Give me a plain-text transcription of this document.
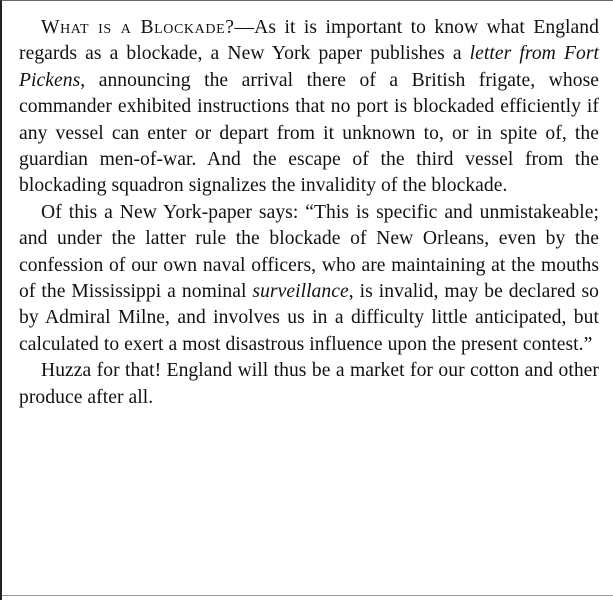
What is a Blockade?—As it is important to know what England regards as a blockade, a New York paper publishes a letter from Fort Pickens, announcing the arrival there of a British frigate, whose commander exhibited instructions that no port is blockaded efficiently if any vessel can enter or depart from it unknown to, or in spite of, the guardian men-of-war. And the escape of the third vessel from the blockading squadron signalizes the invalidity of the blockade.

Of this a New York-paper says: “This is specific and unmistakeable; and under the latter rule the blockade of New Orleans, even by the confession of our own naval officers, who are maintaining at the mouths of the Mississippi a nominal surveillance, is invalid, may be declared so by Admiral Milne, and involves us in a difficulty little anticipated, but calculated to exert a most disastrous influence upon the present contest.”

Huzza for that! England will thus be a market for our cotton and other produce after all.
